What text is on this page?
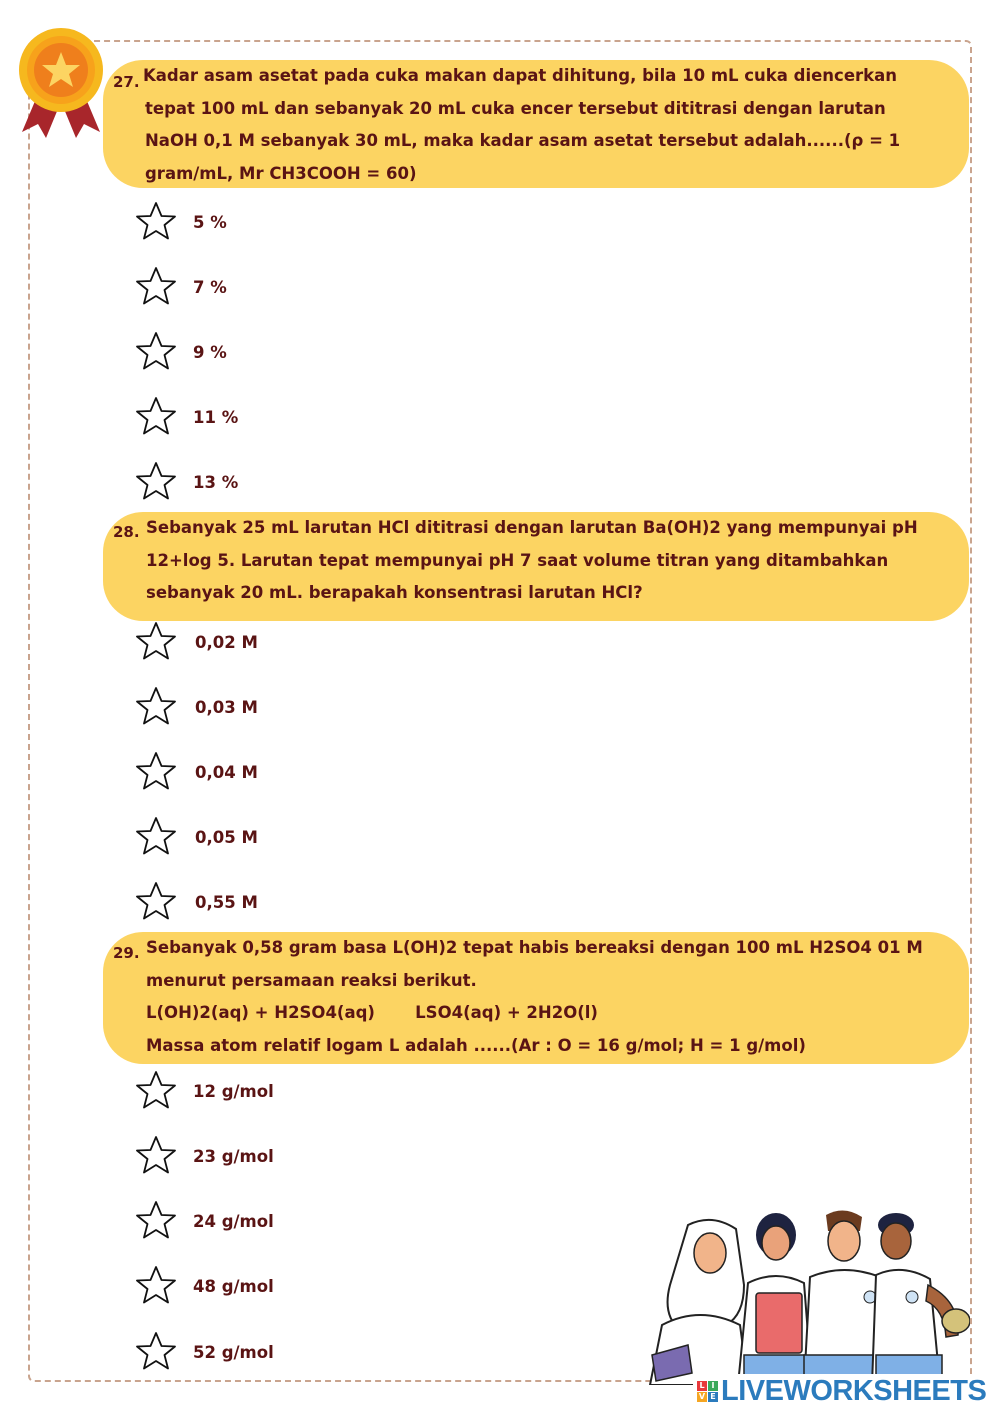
27. Kadar asam asetat pada cuka makan dapat dihitung, bila 10 mL cuka diencerkan
tepat 100 mL dan sebanyak 20 mL cuka encer tersebut dititrasi dengan larutan
NaOH 0,1 M sebanyak 30 mL, maka kadar asam asetat tersebut adalah......(ρ = 1
gram/mL, Mr CH3COOH = 60)
28. Sebanyak 25 mL larutan HCl dititrasi dengan larutan Ba(OH)2 yang mempunyai pH
12+log 5. Larutan tepat mempunyai pH 7 saat volume titran yang ditambahkan
sebanyak 20 mL. berapakah konsentrasi larutan HCl?
29. Sebanyak 0,58 gram basa L(OH)2 tepat habis bereaksi dengan 100 mL H2SO4 01 M
menurut persamaan reaksi berikut.
L(OH)2(aq) + H2SO4(aq)       LSO4(aq) + 2H2O(l)
Massa atom relatif logam L adalah ......(Ar : O = 16 g/mol; H = 1 g/mol)
5 %
7 %
9 %
11 %
13 %
0,02 M
0,03 M
0,04 M
0,05 M
0,55 M
12 g/mol
23 g/mol
24 g/mol
48 g/mol
52 g/mol
L I
V E LIVEWORKSHEETS
